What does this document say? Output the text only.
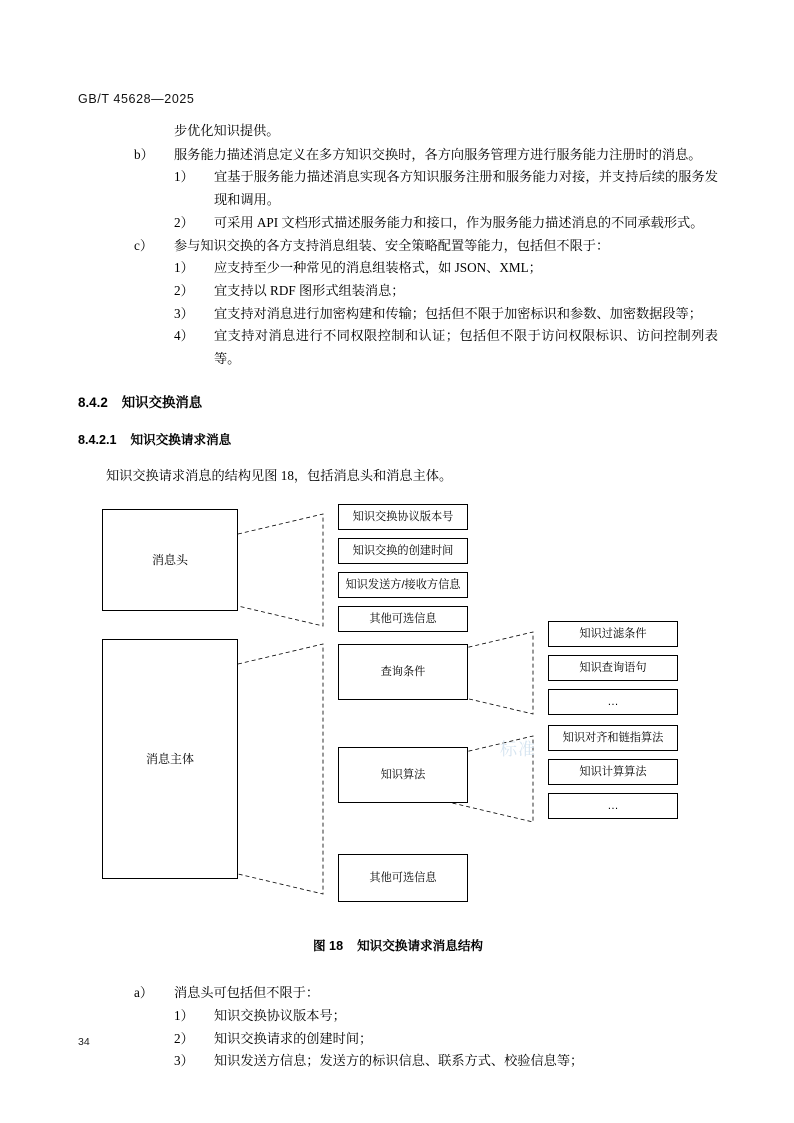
GB/T 45628—2025

步优化知识提供。

b）	服务能力描述消息定义在多方知识交换时，各方向服务管理方进行服务能力注册时的消息。
1）	宜基于服务能力描述消息实现各方知识服务注册和服务能力对接，并支持后续的服务发现和调用。
2）	可采用 API 文档形式描述服务能力和接口，作为服务能力描述消息的不同承载形式。
c）	参与知识交换的各方支持消息组装、安全策略配置等能力，包括但不限于：
1）	应支持至少一种常见的消息组装格式，如 JSON、XML；
2）	宜支持以 RDF 图形式组装消息；
3）	宜支持对消息进行加密构建和传输；包括但不限于加密标识和参数、加密数据段等；
4）	宜支持对消息进行不同权限控制和认证；包括但不限于访问权限标识、访问控制列表等。
8.4.2 知识交换消息
8.4.2.1 知识交换请求消息

知识交换请求消息的结构见图 18，包括消息头和消息主体。

消息头
消息主体
知识交换协议版本号
知识交换的创建时间
知识发送方/接收方信息
其他可选信息
查询条件
知识算法
其他可选信息
知识过滤条件
知识查询语句
…
知识对齐和链指算法
知识计算算法
…
图 18 知识交换请求消息结构
a）	消息头可包括但不限于：
1）	知识交换协议版本号；
2）	知识交换请求的创建时间；
3）	知识发送方信息；发送方的标识信息、联系方式、校验信息等；
标准
34
